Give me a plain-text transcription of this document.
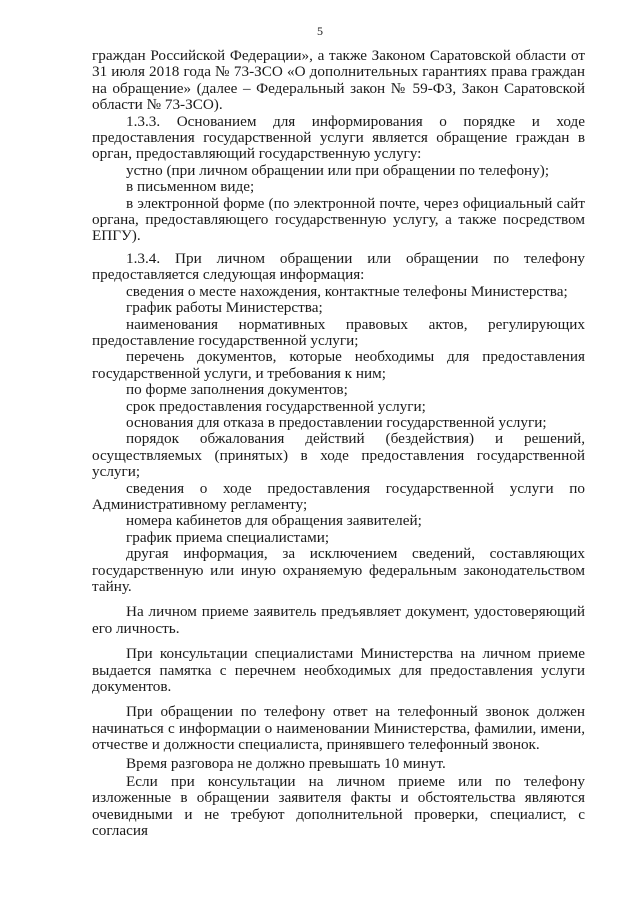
5

граждан Российской Федерации», а также Законом Саратовской области от 31 июля 2018 года № 73-ЗСО «О дополнительных гарантиях права граждан на обращение» (далее – Федеральный закон № 59-ФЗ, Закон Саратовской области № 73-ЗСО).

1.3.3. Основанием для информирования о порядке и ходе предоставления государственной услуги является обращение граждан в орган, предоставляющий государственную услугу:

устно (при личном обращении или при обращении по телефону);

в письменном виде;

в электронной форме (по электронной почте, через официальный сайт органа, предоставляющего государственную услугу, а также посредством ЕПГУ).

1.3.4. При личном обращении или обращении по телефону предоставляется следующая информация:

сведения о месте нахождения, контактные телефоны Министерства;

график работы Министерства;

наименования нормативных правовых актов, регулирующих предоставление государственной услуги;

перечень документов, которые необходимы для предоставления государственной услуги, и требования к ним;

по форме заполнения документов;

срок предоставления государственной услуги;

основания для отказа в предоставлении государственной услуги;

порядок обжалования действий (бездействия) и решений, осуществляемых (принятых) в ходе предоставления государственной услуги;

сведения о ходе предоставления государственной услуги по Административному регламенту;

номера кабинетов для обращения заявителей;

график приема специалистами;

другая информация, за исключением сведений, составляющих государственную или иную охраняемую федеральным законодательством тайну.

На личном приеме заявитель предъявляет документ, удостоверяющий его личность.

При консультации специалистами Министерства на личном приеме выдается памятка с перечнем необходимых для предоставления услуги документов.

При обращении по телефону ответ на телефонный звонок должен начинаться с информации о наименовании Министерства, фамилии, имени, отчестве и должности специалиста, принявшего телефонный звонок.

Время разговора не должно превышать 10 минут.

Если при консультации на личном приеме или по телефону изложенные в обращении заявителя факты и обстоятельства являются очевидными и не требуют дополнительной проверки, специалист, с согласия
